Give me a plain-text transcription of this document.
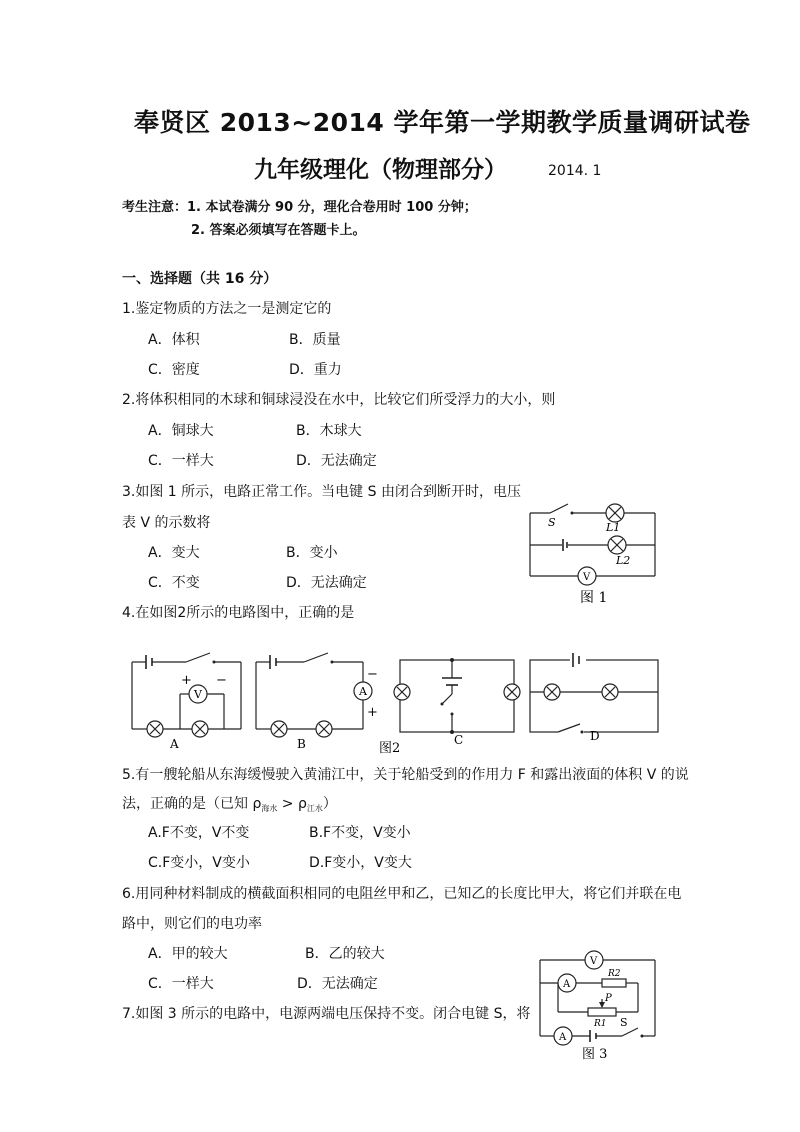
奉贤区 2013~2014 学年第一学期教学质量调研试卷
九年级理化（物理部分）	2014. 1
考生注意：1. 本试卷满分 90 分，理化合卷用时 100 分钟；
2. 答案必须填写在答题卡上。
一、选择题（共 16 分）
1.鉴定物质的方法之一是测定它的
A．体积	B．质量
C．密度	D．重力
2.将体积相同的木球和铜球浸没在水中，比较它们所受浮力的大小，则
A．铜球大	B．木球大
C．一样大	D．无法确定
3.如图 1 所示，电路正常工作。当电键 S 由闭合到断开时，电压
表 V 的示数将
A．变大	B．变小
C．不变	D．无法确定
S	L1
L2
V
图 1
4.在如图2所示的电路图中，正确的是
V	A
+ −	−
+
A	B	C	D
图2
5.有一艘轮船从东海缓慢驶入黄浦江中，关于轮船受到的作用力 F 和露出液面的体积 V 的说
法，正确的是（已知 $\rho_{海水} > \rho_{江水}$）
A.F不变，V不变	B.F不变，V变小
C.F变小，V变小	D.F变小，V变大
6.用同种材料制成的横截面积相同的电阻丝甲和乙，已知乙的长度比甲大，将它们并联在电
路中，则它们的电功率
A．甲的较大	B．乙的较大
C．一样大	D．无法确定
7.如图 3 所示的电路中，电源两端电压保持不变。闭合电键 S，将
V
A
A
R2
P
R1 S
图 3
